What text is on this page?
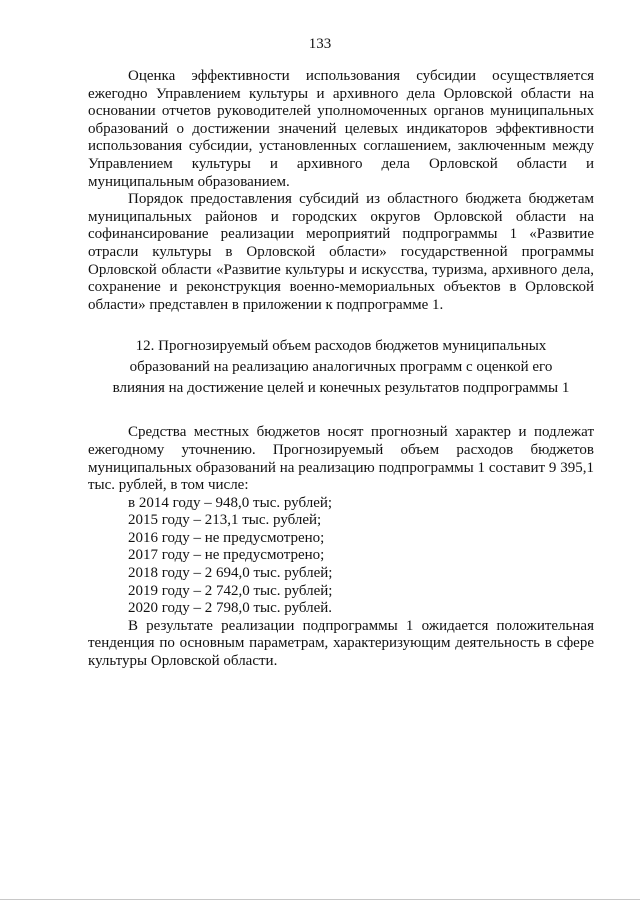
133

Оценка эффективности использования субсидии осуществляется ежегодно Управлением культуры и архивного дела Орловской области на основании отчетов руководителей уполномоченных органов муниципальных образований о достижении значений целевых индикаторов эффективности использования субсидии, установленных соглашением, заключенным между Управлением культуры и архивного дела Орловской области и муниципальным образованием.

Порядок предоставления субсидий из областного бюджета бюджетам муниципальных районов и городских округов Орловской области на софинансирование реализации мероприятий подпрограммы 1 «Развитие отрасли культуры в Орловской области» государственной программы Орловской области «Развитие культуры и искусства, туризма, архивного дела, сохранение и реконструкция военно-мемориальных объектов в Орловской области» представлен в приложении к подпрограмме 1.

12. Прогнозируемый объем расходов бюджетов муниципальных
образований на реализацию аналогичных программ с оценкой его
влияния на достижение целей и конечных результатов подпрограммы 1

Средства местных бюджетов носят прогнозный характер и подлежат ежегодному уточнению. Прогнозируемый объем расходов бюджетов муниципальных образований на реализацию подпрограммы 1 составит 9 395,1 тыс. рублей, в том числе:

в 2014 году – 948,0 тыс. рублей;
2015 году – 213,1 тыс. рублей;
2016 году – не предусмотрено;
2017 году – не предусмотрено;
2018 году – 2 694,0 тыс. рублей;
2019 году – 2 742,0 тыс. рублей;
2020 году – 2 798,0 тыс. рублей.

В результате реализации подпрограммы 1 ожидается положительная тенденция по основным параметрам, характеризующим деятельность в сфере культуры Орловской области.
